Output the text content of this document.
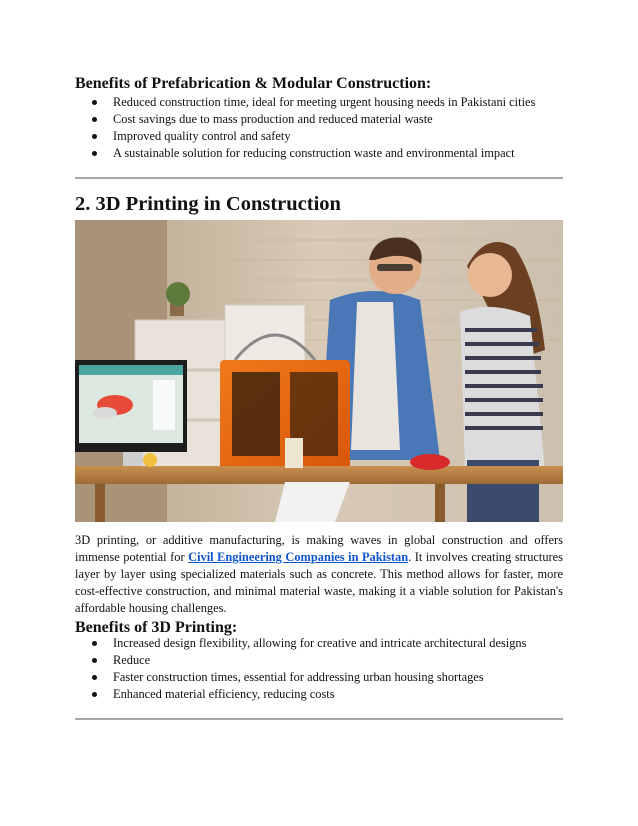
Benefits of Prefabrication & Modular Construction:
Reduced construction time, ideal for meeting urgent housing needs in Pakistani cities
Cost savings due to mass production and reduced material waste
Improved quality control and safety
A sustainable solution for reducing construction waste and environmental impact
2. 3D Printing in Construction

3D printing, or additive manufacturing, is making waves in global construction and offers immense potential for Civil Engineering Companies in Pakistan. It involves creating structures layer by layer using specialized materials such as concrete. This method allows for faster, more cost-effective construction, and minimal material waste, making it a viable solution for Pakistan's affordable housing challenges.

Benefits of 3D Printing:
Increased design flexibility, allowing for creative and intricate architectural designs
Reduce
Faster construction times, essential for addressing urban housing shortages
Enhanced material efficiency, reducing costs
